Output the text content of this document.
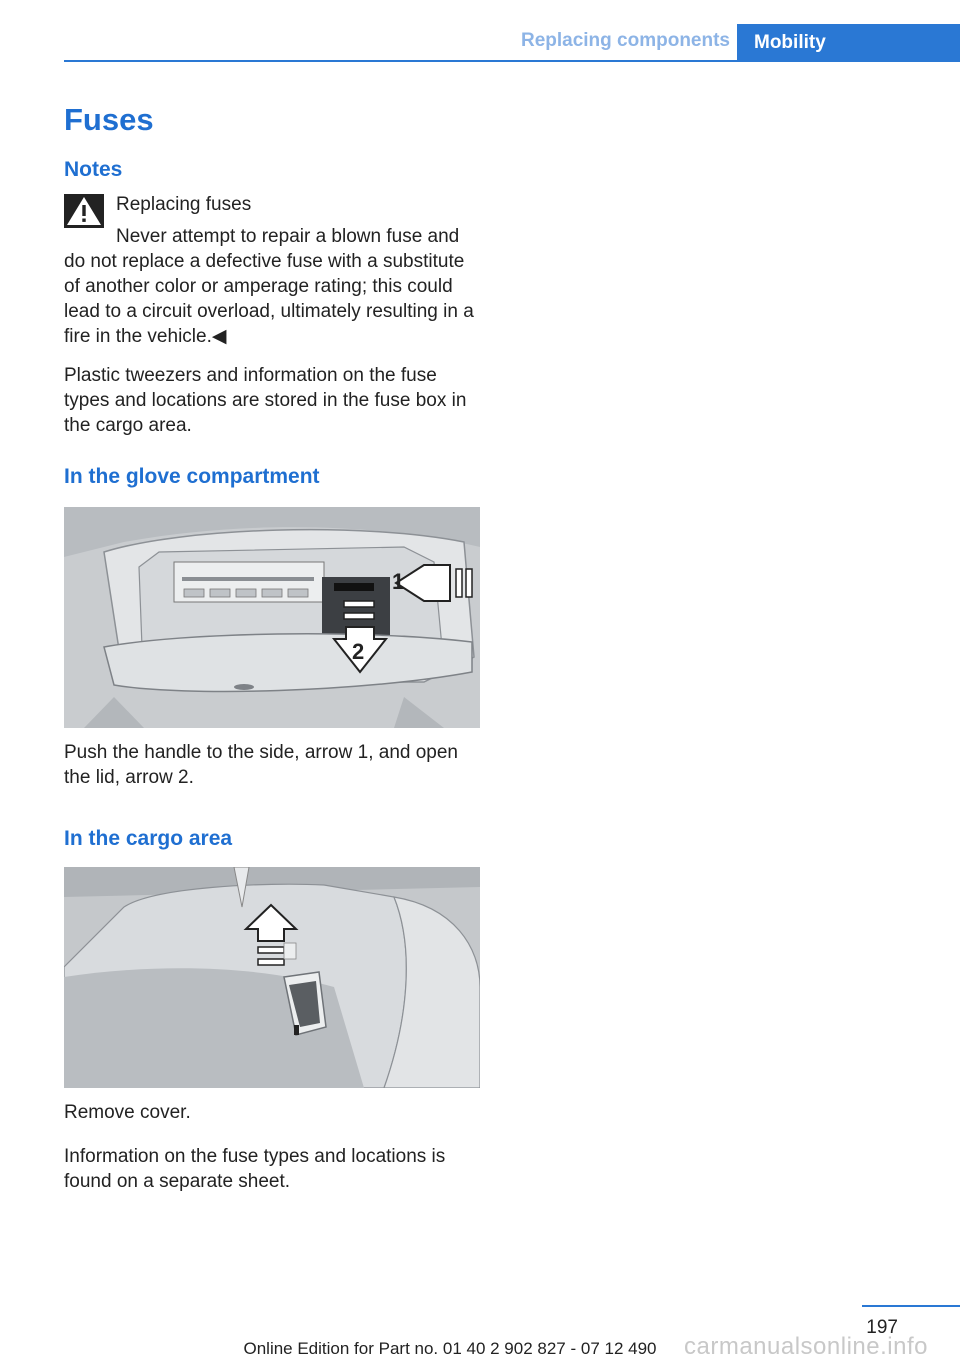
Replacing components	Mobility
Fuses
Notes

Replacing fuses

Never attempt to repair a blown fuse and do not replace a defective fuse with a substitute of another color or amperage rating; this could lead to a circuit overload, ultimately resulting in a fire in the vehicle.◀

Plastic tweezers and information on the fuse types and locations are stored in the fuse box in the cargo area.

In the glove compartment
1
2

Push the handle to the side, arrow 1, and open the lid, arrow 2.

In the cargo area

Remove cover.

Information on the fuse types and locations is found on a separate sheet.

197
Online Edition for Part no. 01 40 2 902 827 - 07 12 490	carmanualsonline.info
